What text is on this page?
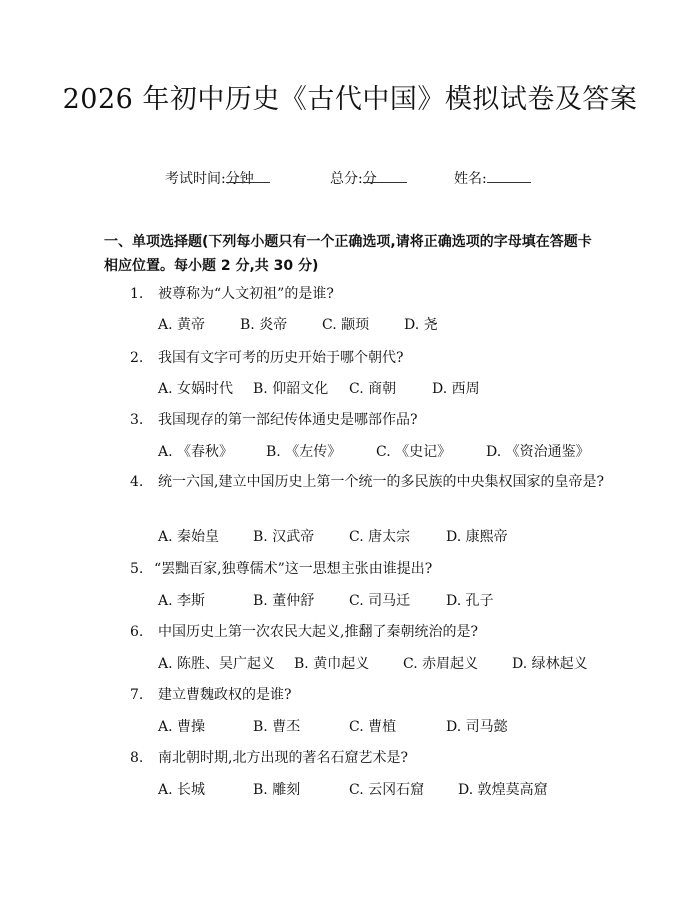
2026 年初中历史《古代中国》模拟试卷及答案
考试时间:
分钟	总分:
分	姓名:
一、单项选择题(下列每小题只有一个正确选项,请将正确选项的字母填在答题卡相应位置。每小题 2 分,共 30 分)
1.	被尊称为“人文初祖”的是谁?
A. 黄帝 B. 炎帝 C. 颛顼 D. 尧
2.	我国有文字可考的历史开始于哪个朝代?
A. 女娲时代 B. 仰韶文化 C. 商朝	D. 西周
3.	我国现存的第一部纪传体通史是哪部作品?
A. 《春秋》 B. 《左传》 C. 《史记》 D. 《资治通鉴》
4.	统一六国,建立中国历史上第一个统一的多民族的中央集权国家的皇帝是?
A. 秦始皇 B. 汉武帝 C. 唐太宗	D. 康熙帝
5. “罢黜百家,独尊儒术”这一思想主张由谁提出?
A. 李斯	B. 董仲舒 C. 司马迁	D. 孔子
6.	中国历史上第一次农民大起义,推翻了秦朝统治的是?
A. 陈胜、吴广起义 B. 黄巾起义 C. 赤眉起义 D. 绿林起义
7.	建立曹魏政权的是谁?
A. 曹操	B. 曹丕	C. 曹植	D. 司马懿
8.	南北朝时期,北方出现的著名石窟艺术是?
A. 长城	B. 雕刻	C. 云冈石窟 D. 敦煌莫高窟
